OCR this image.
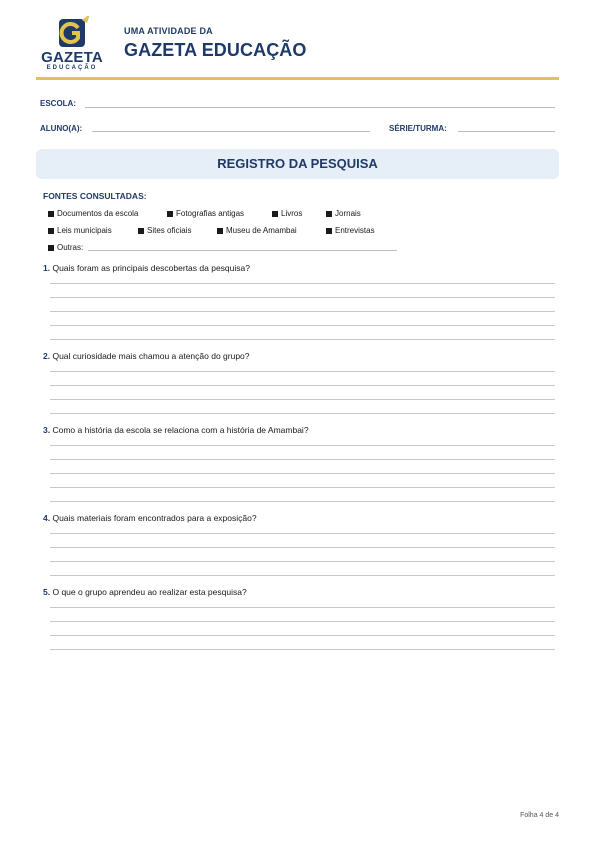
GAZETA
EDUCAÇÃO
UMA ATIVIDADE DA
GAZETA EDUCAÇÃO
ESCOLA:
ALUNO(A):	SÉRIE/TURMA:
REGISTRO DA PESQUISA
FONTES CONSULTADAS:
Documentos da escola	Fotografias antigas	Livros	Jornais
Leis municipais	Sites oficiais	Museu de Amambai	Entrevistas
Outras:
1. Quais foram as principais descobertas da pesquisa?
2. Qual curiosidade mais chamou a atenção do grupo?
3. Como a história da escola se relaciona com a história de Amambai?
4. Quais materiais foram encontrados para a exposição?
5. O que o grupo aprendeu ao realizar esta pesquisa?
Folha 4 de 4
